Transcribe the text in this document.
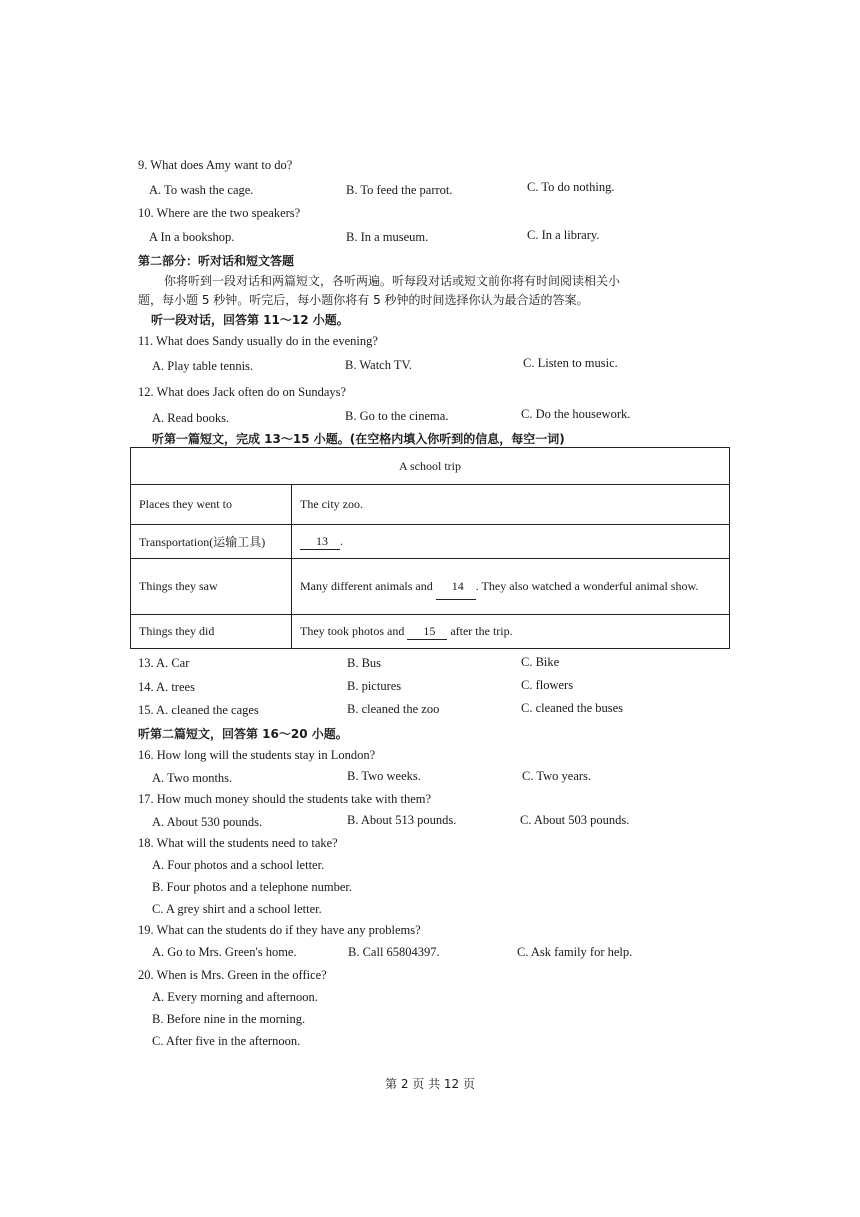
9. What does Amy want to do?
A. To wash the cage.	B. To feed the parrot.	C. To do nothing.
10. Where are the two speakers?
A In a bookshop.	B. In a museum.	C. In a library.
第二部分：听对话和短文答题
你将听到一段对话和两篇短文，各听两遍。听每段对话或短文前你将有时间阅读相关小
题，每小题 5 秒钟。听完后，每小题你将有 5 秒钟的时间选择你认为最合适的答案。
听一段对话，回答第 11～12 小题。
11. What does Sandy usually do in the evening?
A. Play table tennis.	B. Watch TV.	C. Listen to music.
12. What does Jack often do on Sundays?
A. Read books.	B. Go to the cinema.	C. Do the housework.
听第一篇短文，完成 13～15 小题。(在空格内填入你听到的信息，每空一词)
A school trip	
Places they went to	The city zoo.
Transportation(运输工具)	13 .
Things they saw	Many different animals and 14 . They also watched a wonderful animal show.
Things they did	They took photos and 15 after the trip.
13. A. Car	B. Bus	C. Bike
14. A. trees	B. pictures	C. flowers
15. A. cleaned the cages	B. cleaned the zoo	C. cleaned the buses
听第二篇短文，回答第 16～20 小题。
16. How long will the students stay in London?
A. Two months.	B. Two weeks.	C. Two years.
17. How much money should the students take with them?
A. About 530 pounds.	B. About 513 pounds.	C. About 503 pounds.
18. What will the students need to take?
A. Four photos and a school letter.
B. Four photos and a telephone number.
C. A grey shirt and a school letter.
19. What can the students do if they have any problems?
A. Go to Mrs. Green's home.	B. Call 65804397.	C. Ask family for help.
20. When is Mrs. Green in the office?
A. Every morning and afternoon.
B. Before nine in the morning.
C. After five in the afternoon.
第 2 页 共 12 页
